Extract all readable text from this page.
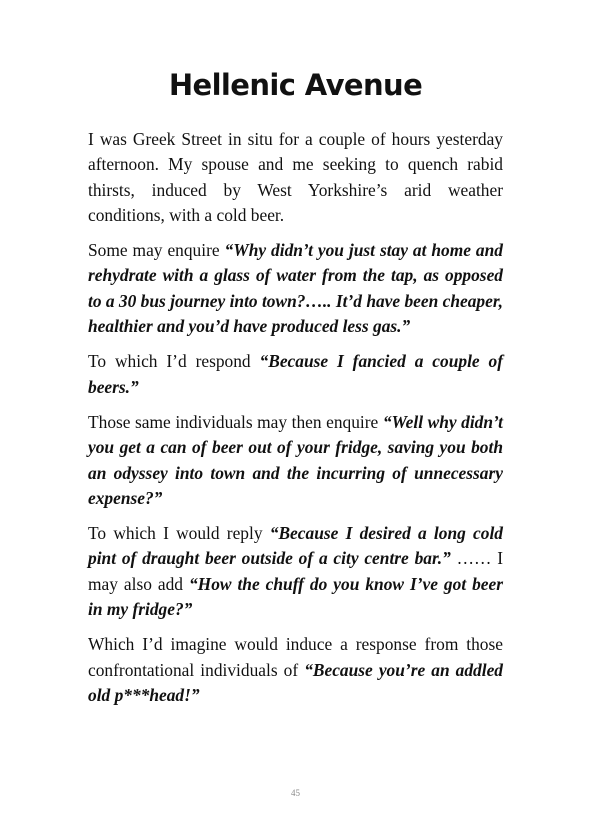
Hellenic Avenue

I was Greek Street in situ for a couple of hours yesterday afternoon. My spouse and me seeking to quench rabid thirsts, induced by West Yorkshire’s arid weather conditions, with a cold beer.

Some may enquire “Why didn’t you just stay at home and rehydrate with a glass of water from the tap, as opposed to a 30 bus journey into town?….. It’d have been cheaper, healthier and you’d have produced less gas.”

To which I’d respond “Because I fancied a couple of beers.”

Those same individuals may then enquire “Well why didn’t you get a can of beer out of your fridge, saving you both an odyssey into town and the incurring of unnecessary expense?”

To which I would reply “Because I desired a long cold pint of draught beer outside of a city centre bar.” …… I may also add “How the chuff do you know I’ve got beer in my fridge?”

Which I’d imagine would induce a response from those confrontational individuals of “Because you’re an addled old p***head!”

45
